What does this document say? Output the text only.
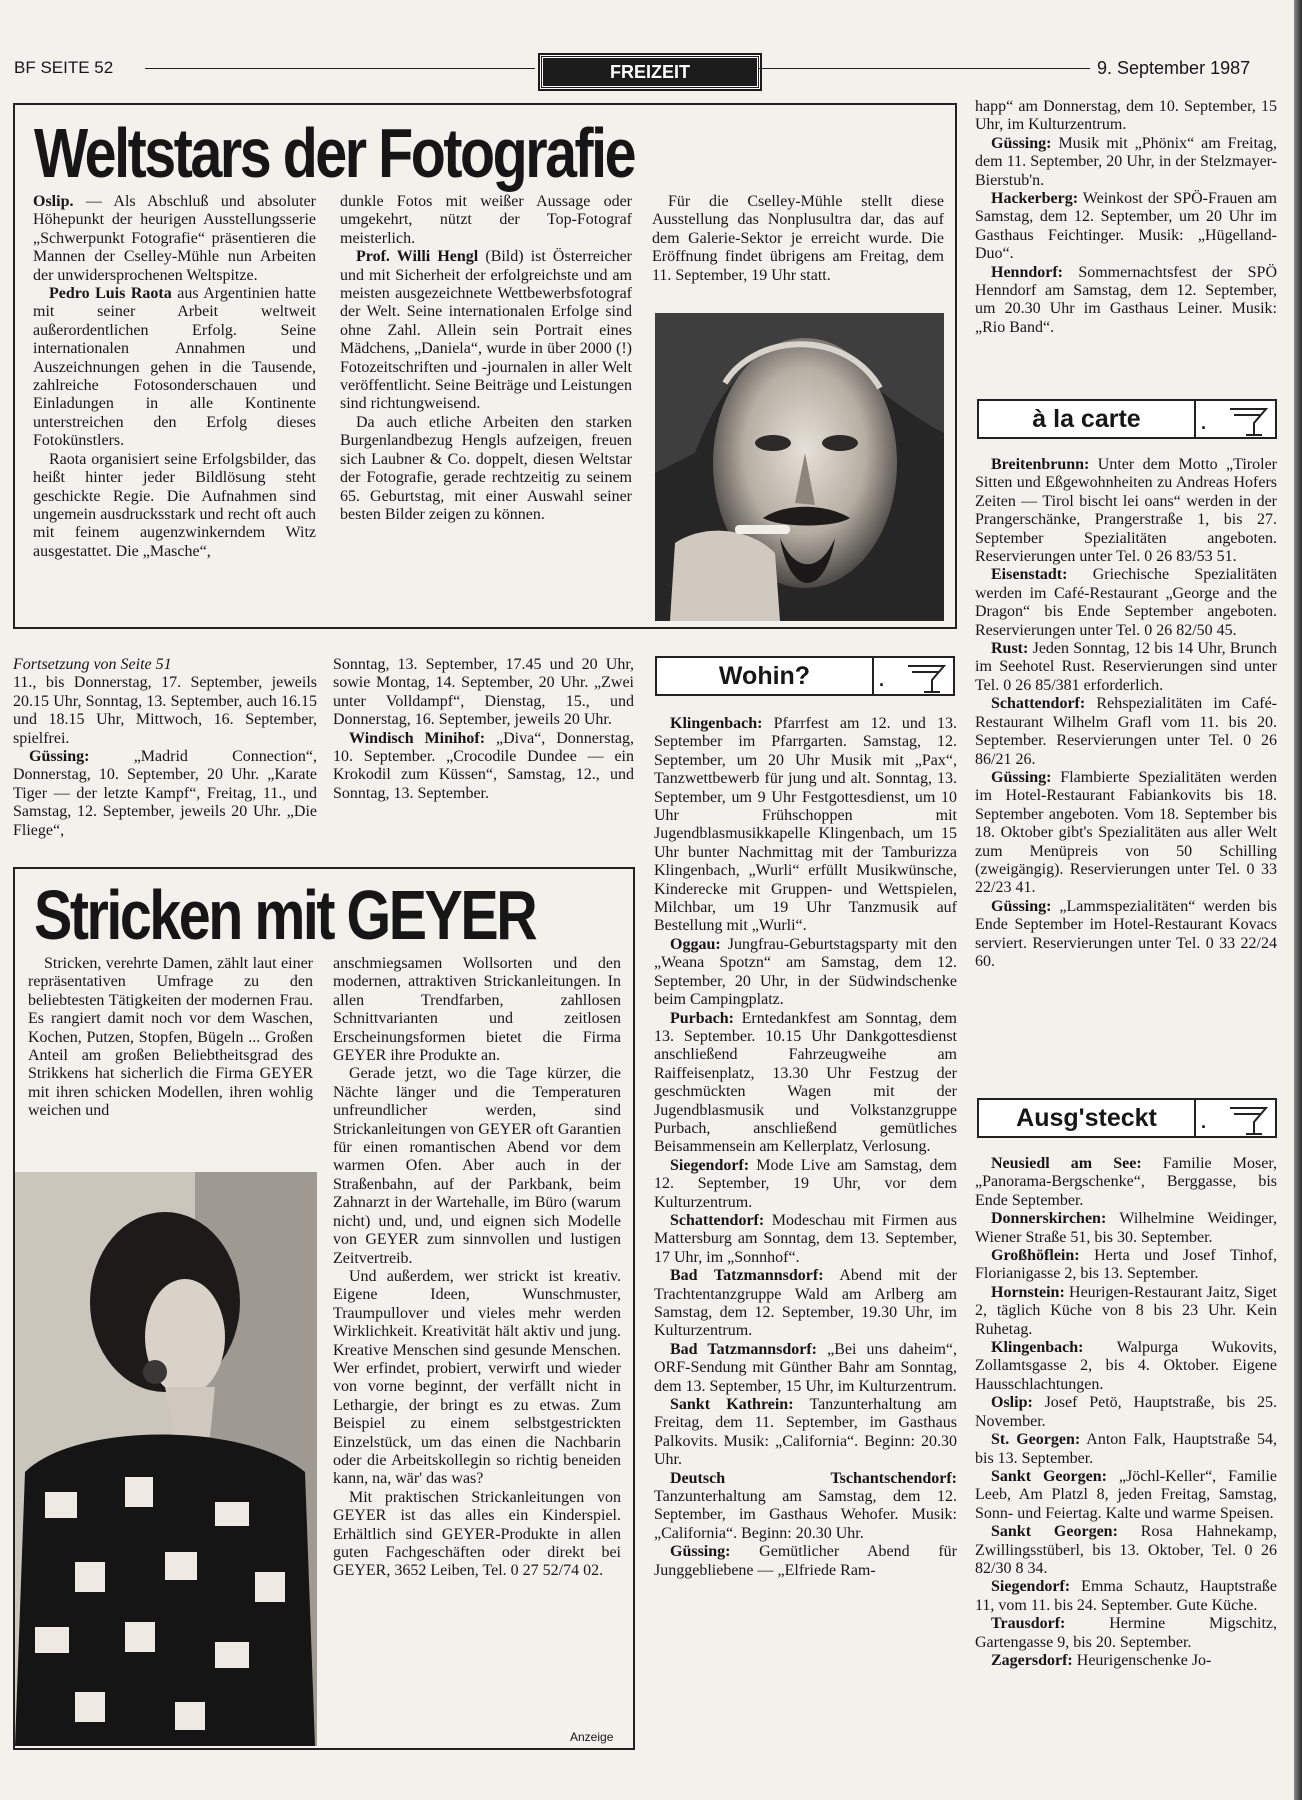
BF SEITE 52	FREIZEIT	9. September 1987
Weltstars der Fotografie

Oslip. — Als Abschluß und absoluter Höhepunkt der heurigen Ausstellungsserie „Schwerpunkt Fotografie“ präsentieren die Mannen der Cselley-Mühle nun Arbeiten der unwidersprochenen Weltspitze.

Pedro Luis Raota aus Argentinien hatte mit seiner Arbeit weltweit außerordentlichen Erfolg. Seine internationalen Annahmen und Auszeichnungen gehen in die Tausende, zahlreiche Fotosonderschauen und Einladungen in alle Kontinente unterstreichen den Erfolg dieses Fotokünstlers.

Raota organisiert seine Erfolgsbilder, das heißt hinter jeder Bildlösung steht geschickte Regie. Die Aufnahmen sind ungemein ausdrucksstark und recht oft auch mit feinem augenzwinkerndem Witz ausgestattet. Die „Masche“,

dunkle Fotos mit weißer Aussage oder umgekehrt, nützt der Top-Fotograf meisterlich.

Prof. Willi Hengl (Bild) ist Österreicher und mit Sicherheit der erfolgreichste und am meisten ausgezeichnete Wettbewerbsfotograf der Welt. Seine internationalen Erfolge sind ohne Zahl. Allein sein Portrait eines Mädchens, „Daniela“, wurde in über 2000 (!) Fotozeitschriften und -journalen in aller Welt veröffentlicht. Seine Beiträge und Leistungen sind richtungweisend.

Da auch etliche Arbeiten den starken Burgenlandbezug Hengls aufzeigen, freuen sich Laubner & Co. doppelt, diesen Weltstar der Fotografie, gerade rechtzeitig zu seinem 65. Geburtstag, mit einer Auswahl seiner besten Bilder zeigen zu können.

Für die Cselley-Mühle stellt diese Ausstellung das Nonplusultra dar, das auf dem Galerie-Sektor je erreicht wurde. Die Eröffnung findet übrigens am Freitag, dem 11. September, 19 Uhr statt.

Fortsetzung von Seite 51

11., bis Donnerstag, 17. September, jeweils 20.15 Uhr, Sonntag, 13. September, auch 16.15 und 18.15 Uhr, Mittwoch, 16. September, spielfrei.

Güssing: „Madrid Connection“, Donnerstag, 10. September, 20 Uhr. „Karate Tiger — der letzte Kampf“, Freitag, 11., und Samstag, 12. September, jeweils 20 Uhr. „Die Fliege“,

Sonntag, 13. September, 17.45 und 20 Uhr, sowie Montag, 14. September, 20 Uhr. „Zwei unter Volldampf“, Dienstag, 15., und Donnerstag, 16. September, jeweils 20 Uhr.

Windisch Minihof: „Diva“, Donnerstag, 10. September. „Crocodile Dundee — ein Krokodil zum Küssen“, Samstag, 12., und Sonntag, 13. September.

Stricken mit GEYER

Stricken, verehrte Damen, zählt laut einer repräsentativen Umfrage zu den beliebtesten Tätigkeiten der modernen Frau. Es rangiert damit noch vor dem Waschen, Kochen, Putzen, Stopfen, Bügeln ... Großen Anteil am großen Beliebtheitsgrad des Strikkens hat sicherlich die Firma GEYER mit ihren schicken Modellen, ihren wohlig weichen und

anschmiegsamen Wollsorten und den modernen, attraktiven Strickanleitungen. In allen Trendfarben, zahllosen Schnittvarianten und zeitlosen Erscheinungsformen bietet die Firma GEYER ihre Produkte an.

Gerade jetzt, wo die Tage kürzer, die Nächte länger und die Temperaturen unfreundlicher werden, sind Strickanleitungen von GEYER oft Garantien für einen romantischen Abend vor dem warmen Ofen. Aber auch in der Straßenbahn, auf der Parkbank, beim Zahnarzt in der Wartehalle, im Büro (warum nicht) und, und, und eignen sich Modelle von GEYER zum sinnvollen und lustigen Zeitvertreib.

Und außerdem, wer strickt ist kreativ. Eigene Ideen, Wunschmuster, Traumpullover und vieles mehr werden Wirklichkeit. Kreativität hält aktiv und jung. Kreative Menschen sind gesunde Menschen. Wer erfindet, probiert, verwirft und wieder von vorne beginnt, der verfällt nicht in Lethargie, der bringt es zu etwas. Zum Beispiel zu einem selbstgestrickten Einzelstück, um das einen die Nachbarin oder die Arbeitskollegin so richtig beneiden kann, na, wär' das was?

Mit praktischen Strickanleitungen von GEYER ist das alles ein Kinderspiel. Erhältlich sind GEYER-Produkte in allen guten Fachgeschäften oder direkt bei GEYER, 3652 Leiben, Tel. 0 27 52/74 02.

Anzeige
Wohin?	.

Klingenbach: Pfarrfest am 12. und 13. September im Pfarrgarten. Samstag, 12. September, um 20 Uhr Musik mit „Pax“, Tanzwettbewerb für jung und alt. Sonntag, 13. September, um 9 Uhr Festgottesdienst, um 10 Uhr Frühschoppen mit Jugendblasmusikkapelle Klingenbach, um 15 Uhr bunter Nachmittag mit der Tamburizza Klingenbach, „Wurli“ erfüllt Musikwünsche, Kinderecke mit Gruppen- und Wettspielen, Milchbar, um 19 Uhr Tanzmusik auf Bestellung mit „Wurli“.

Oggau: Jungfrau-Geburtstagsparty mit den „Weana Spotzn“ am Samstag, dem 12. September, 20 Uhr, in der Südwindschenke beim Campingplatz.

Purbach: Erntedankfest am Sonntag, dem 13. September. 10.15 Uhr Dankgottesdienst anschließend Fahrzeugweihe am Raiffeisenplatz, 13.30 Uhr Festzug der geschmückten Wagen mit der Jugendblasmusik und Volkstanzgruppe Purbach, anschließend gemütliches Beisammensein am Kellerplatz, Verlosung.

Siegendorf: Mode Live am Samstag, dem 12. September, 19 Uhr, vor dem Kulturzentrum.

Schattendorf: Modeschau mit Firmen aus Mattersburg am Sonntag, dem 13. September, 17 Uhr, im „Sonnhof“.

Bad Tatzmannsdorf: Abend mit der Trachtentanzgruppe Wald am Arlberg am Samstag, dem 12. September, 19.30 Uhr, im Kulturzentrum.

Bad Tatzmannsdorf: „Bei uns daheim“, ORF-Sendung mit Günther Bahr am Sonntag, dem 13. September, 15 Uhr, im Kulturzentrum.

Sankt Kathrein: Tanzunterhaltung am Freitag, dem 11. September, im Gasthaus Palkovits. Musik: „California“. Beginn: 20.30 Uhr.

Deutsch Tschantschendorf: Tanzunterhaltung am Samstag, dem 12. September, im Gasthaus Wehofer. Musik: „California“. Beginn: 20.30 Uhr.

Güssing: Gemütlicher Abend für Junggebliebene — „Elfriede Ram-

happ“ am Donnerstag, dem 10. September, 15 Uhr, im Kulturzentrum.

Güssing: Musik mit „Phönix“ am Freitag, dem 11. September, 20 Uhr, in der Stelzmayer-Bierstub'n.

Hackerberg: Weinkost der SPÖ-Frauen am Samstag, dem 12. September, um 20 Uhr im Gasthaus Feichtinger. Musik: „Hügelland-Duo“.

Henndorf: Sommernachtsfest der SPÖ Henndorf am Samstag, dem 12. September, um 20.30 Uhr im Gasthaus Leiner. Musik: „Rio Band“.

à la carte	.

Breitenbrunn: Unter dem Motto „Tiroler Sitten und Eßgewohnheiten zu Andreas Hofers Zeiten — Tirol bischt lei oans“ werden in der Prangerschänke, Prangerstraße 1, bis 27. September Spezialitäten angeboten. Reservierungen unter Tel. 0 26 83/53 51.

Eisenstadt: Griechische Spezialitäten werden im Café-Restaurant „George and the Dragon“ bis Ende September angeboten. Reservierungen unter Tel. 0 26 82/50 45.

Rust: Jeden Sonntag, 12 bis 14 Uhr, Brunch im Seehotel Rust. Reservierungen sind unter Tel. 0 26 85/381 erforderlich.

Schattendorf: Rehspezialitäten im Café-Restaurant Wilhelm Grafl vom 11. bis 20. September. Reservierungen unter Tel. 0 26 86/21 26.

Güssing: Flambierte Spezialitäten werden im Hotel-Restaurant Fabiankovits bis 18. September angeboten. Vom 18. September bis 18. Oktober gibt's Spezialitäten aus aller Welt zum Menüpreis von 50 Schilling (zweigängig). Reservierungen unter Tel. 0 33 22/23 41.

Güssing: „Lammspezialitäten“ werden bis Ende September im Hotel-Restaurant Kovacs serviert. Reservierungen unter Tel. 0 33 22/24 60.

Ausg'steckt	.

Neusiedl am See: Familie Moser, „Panorama-Bergschenke“, Berggasse, bis Ende September.

Donnerskirchen: Wilhelmine Weidinger, Wiener Straße 51, bis 30. September.

Großhöflein: Herta und Josef Tinhof, Florianigasse 2, bis 13. September.

Hornstein: Heurigen-Restaurant Jaitz, Siget 2, täglich Küche von 8 bis 23 Uhr. Kein Ruhetag.

Klingenbach: Walpurga Wukovits, Zollamtsgasse 2, bis 4. Oktober. Eigene Hausschlachtungen.

Oslip: Josef Petö, Hauptstraße, bis 25. November.

St. Georgen: Anton Falk, Hauptstraße 54, bis 13. September.

Sankt Georgen: „Jöchl-Keller“, Familie Leeb, Am Platzl 8, jeden Freitag, Samstag, Sonn- und Feiertag. Kalte und warme Speisen.

Sankt Georgen: Rosa Hahnekamp, Zwillingsstüberl, bis 13. Oktober, Tel. 0 26 82/30 8 34.

Siegendorf: Emma Schautz, Hauptstraße 11, vom 11. bis 24. September. Gute Küche.

Trausdorf: Hermine Migschitz, Gartengasse 9, bis 20. September.

Zagersdorf: Heurigenschenke Jo-
